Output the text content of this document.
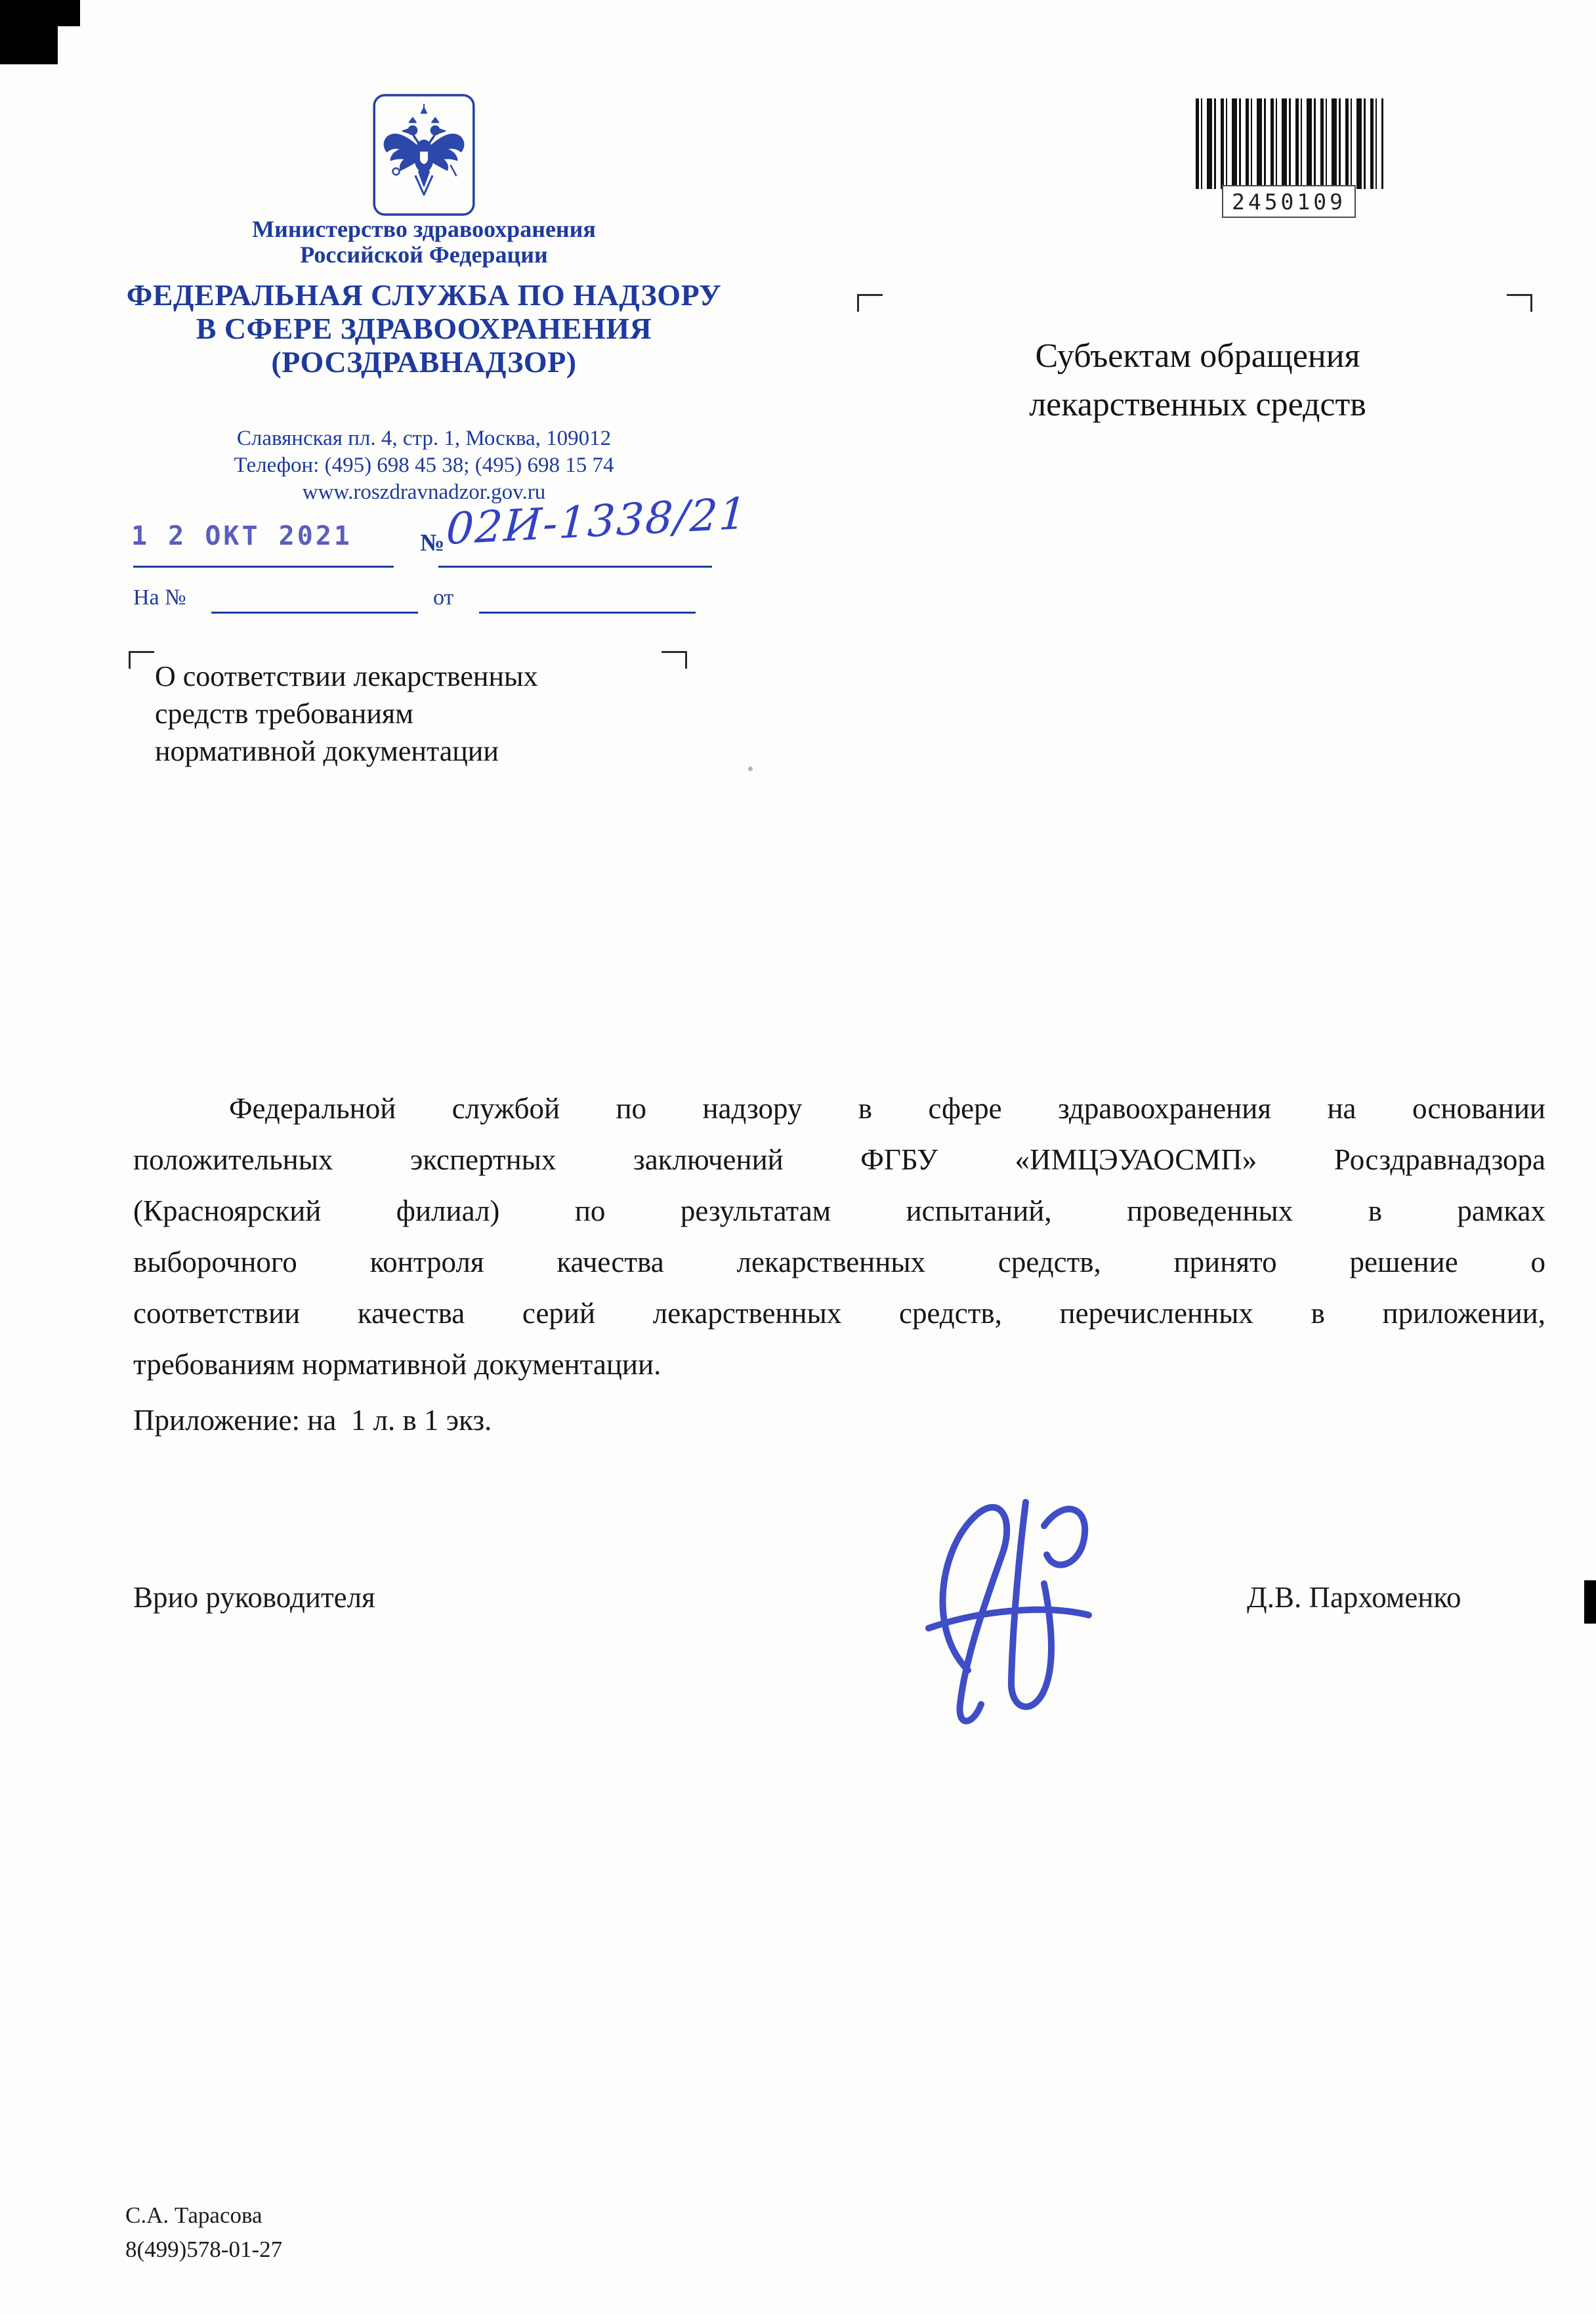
Министерство здравоохранения
Российской Федерации
ФЕДЕРАЛЬНАЯ СЛУЖБА ПО НАДЗОРУ
В СФЕРЕ ЗДРАВООХРАНЕНИЯ
(РОСЗДРАВНАДЗОР)
Славянская пл. 4, стр. 1, Москва, 109012
Телефон: (495) 698 45 38; (495) 698 15 74
www.roszdravnadzor.gov.ru
1 2 ОКТ 2021	№ 02И-1338/21
На №	от
О соответствии лекарственных
средств требованиям
нормативной документации
2450109
Субъектам обращения
лекарственных средств
Федеральной службой по надзору в сфере здравоохранения на основании
положительных экспертных заключений ФГБУ «ИМЦЭУАОСМП» Росздравнадзора
(Красноярский филиал) по результатам испытаний, проведенных в рамках
выборочного контроля качества лекарственных средств, принято решение о
соответствии качества серий лекарственных средств, перечисленных в приложении,
требованиям нормативной документации.
Приложение: на  1 л. в 1 экз.
Врио руководителя	Д.В. Пархоменко
С.А. Тарасова
8(499)578-01-27
